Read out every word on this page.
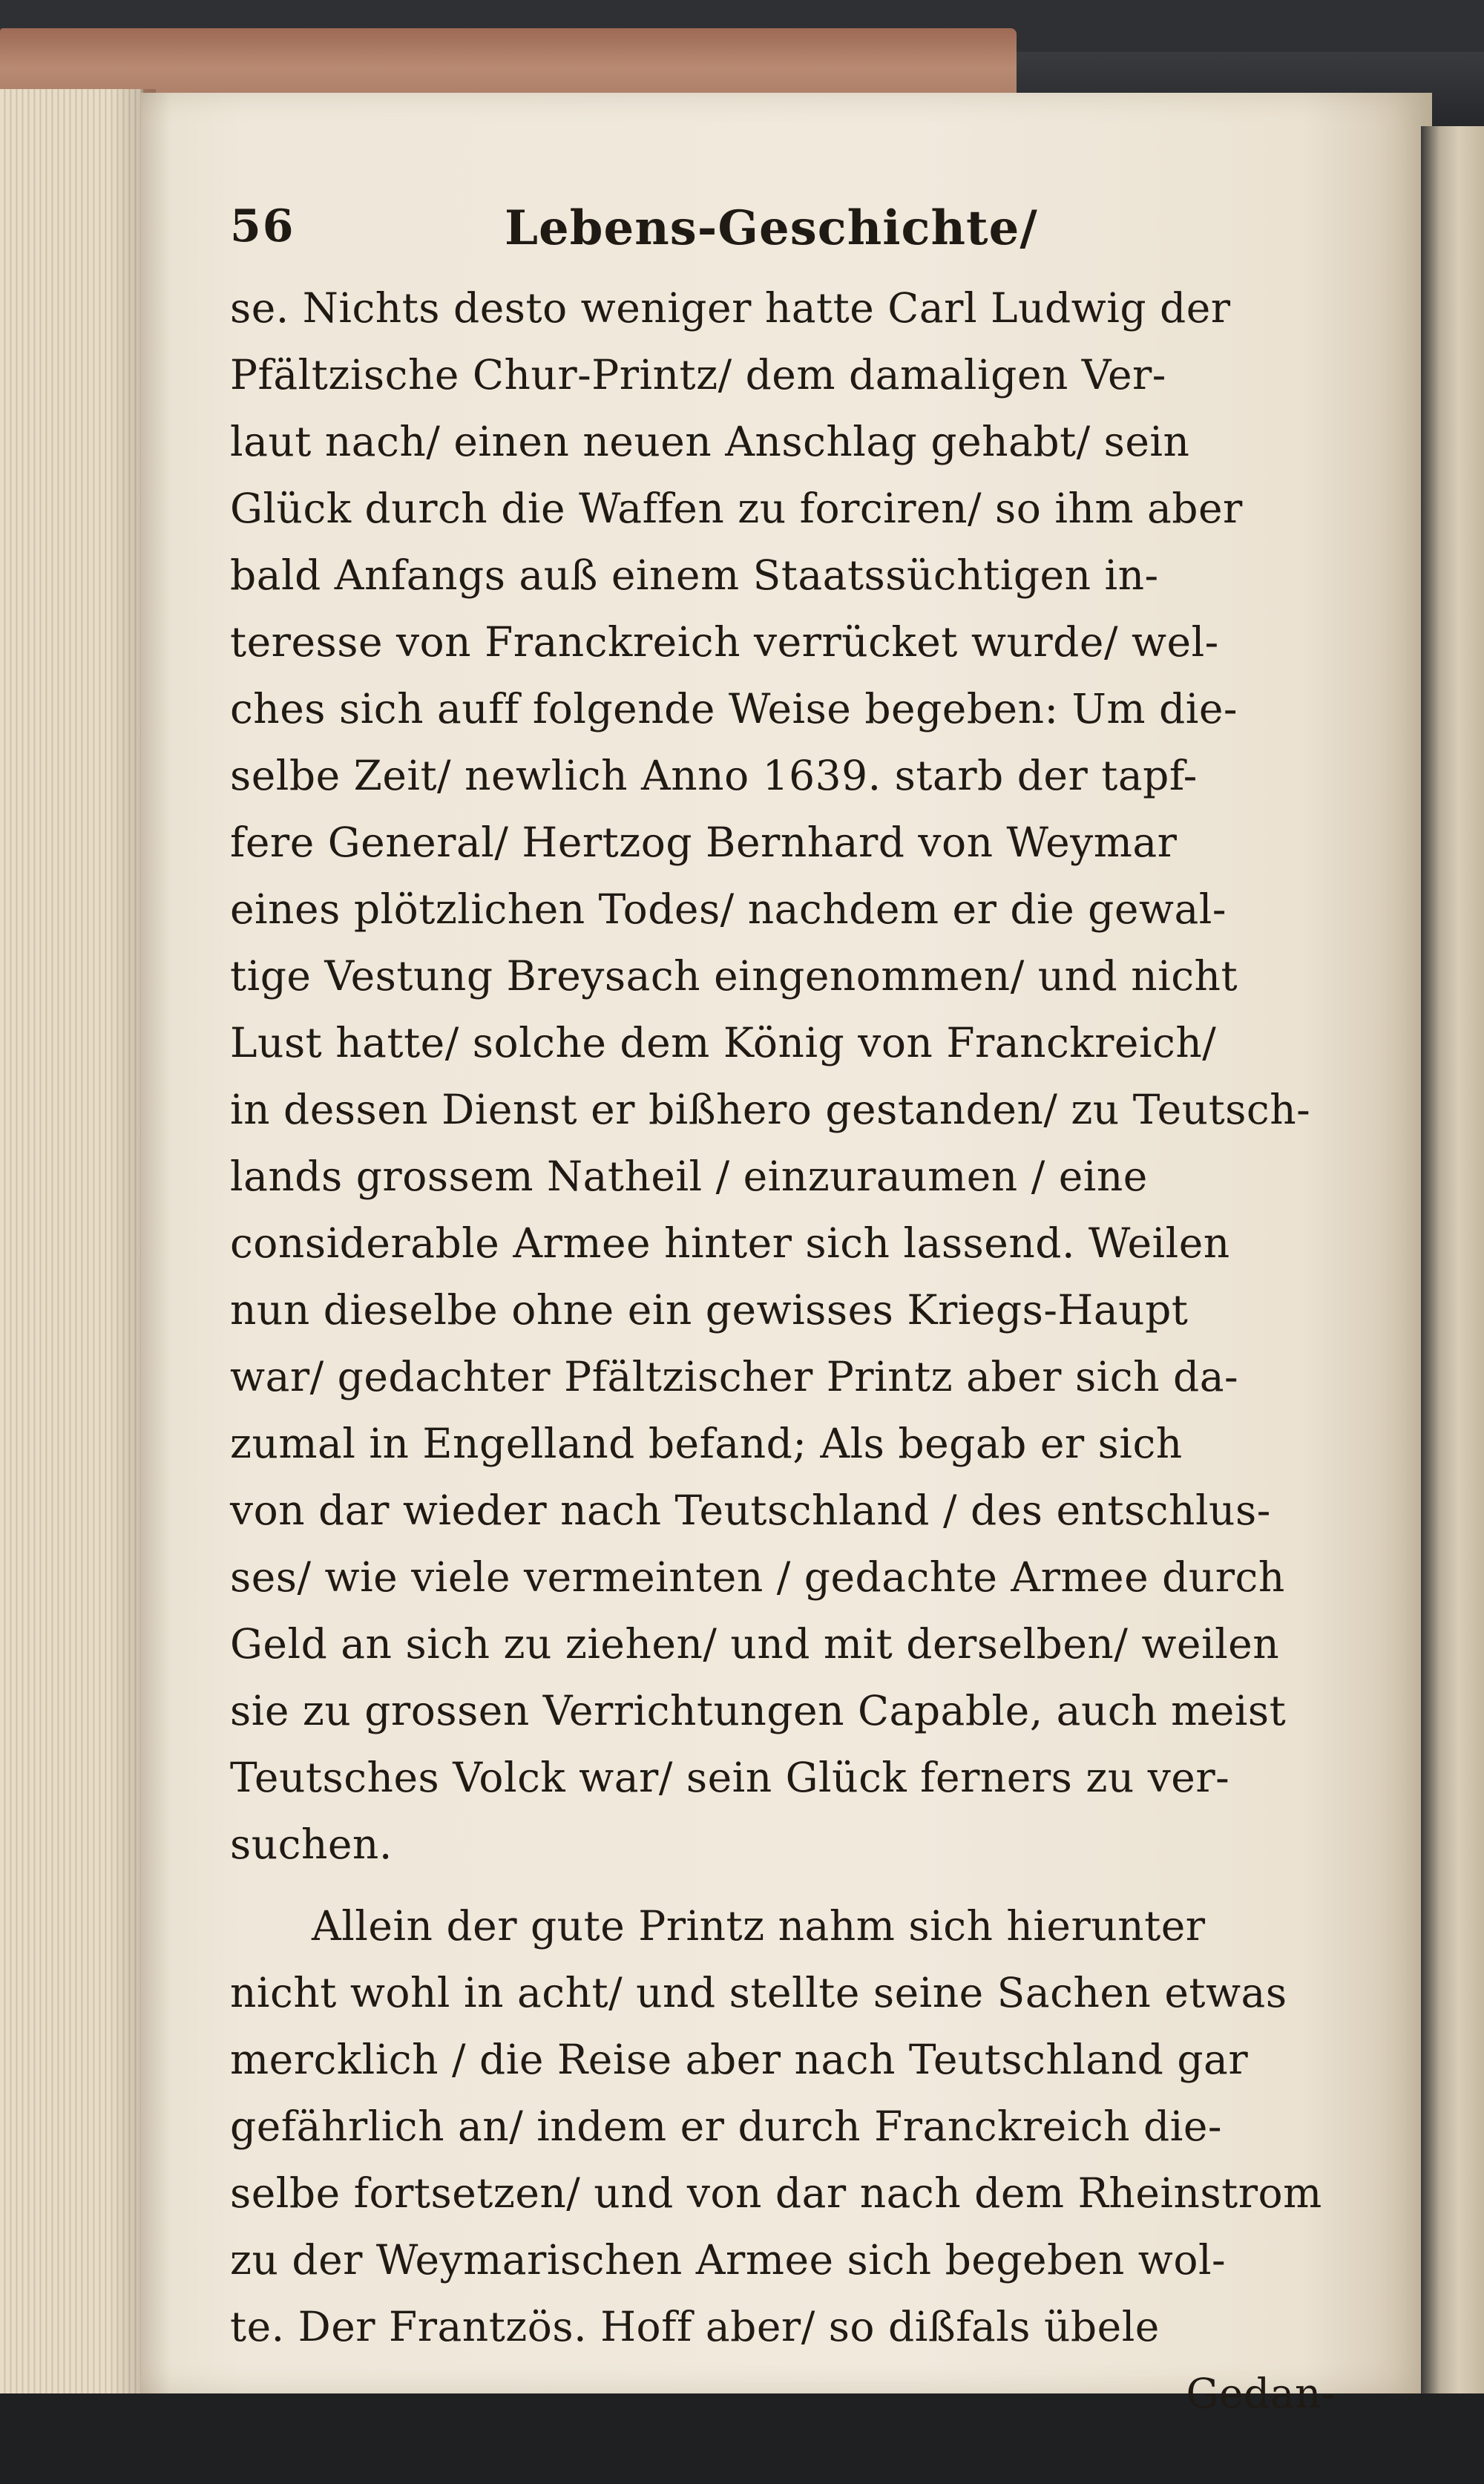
56	Lebens-Geschichte/
se. Nichts desto weniger hatte Carl Ludwig der
Pfältzische Chur-Printz/ dem damaligen Ver-
laut nach/ einen neuen Anschlag gehabt/ sein
Glück durch die Waffen zu forciren/ so ihm aber
bald Anfangs auß einem Staatssüchtigen in-
teresse von Franckreich verrücket wurde/ wel-
ches sich auff folgende Weise begeben: Um die-
selbe Zeit/ newlich Anno 1639. starb der tapf-
fere General/ Hertzog Bernhard von Weymar
eines plötzlichen Todes/ nachdem er die gewal-
tige Vestung Breysach eingenommen/ und nicht
Lust hatte/ solche dem König von Franckreich/
in dessen Dienst er bißhero gestanden/ zu Teutsch-
lands grossem Natheil / einzuraumen / eine
considerable Armee hinter sich lassend. Weilen
nun dieselbe ohne ein gewisses Kriegs-Haupt
war/ gedachter Pfältzischer Printz aber sich da-
zumal in Engelland befand; Als begab er sich
von dar wieder nach Teutschland / des entschlus-
ses/ wie viele vermeinten / gedachte Armee durch
Geld an sich zu ziehen/ und mit derselben/ weilen
sie zu grossen Verrichtungen Capable, auch meist
Teutsches Volck war/ sein Glück ferners zu ver-
suchen.
Allein der gute Printz nahm sich hierunter
nicht wohl in acht/ und stellte seine Sachen etwas
mercklich / die Reise aber nach Teutschland gar
gefährlich an/ indem er durch Franckreich die-
selbe fortsetzen/ und von dar nach dem Rheinstrom
zu der Weymarischen Armee sich begeben wol-
te. Der Frantzös. Hoff aber/ so dißfals übele
Gedan-
